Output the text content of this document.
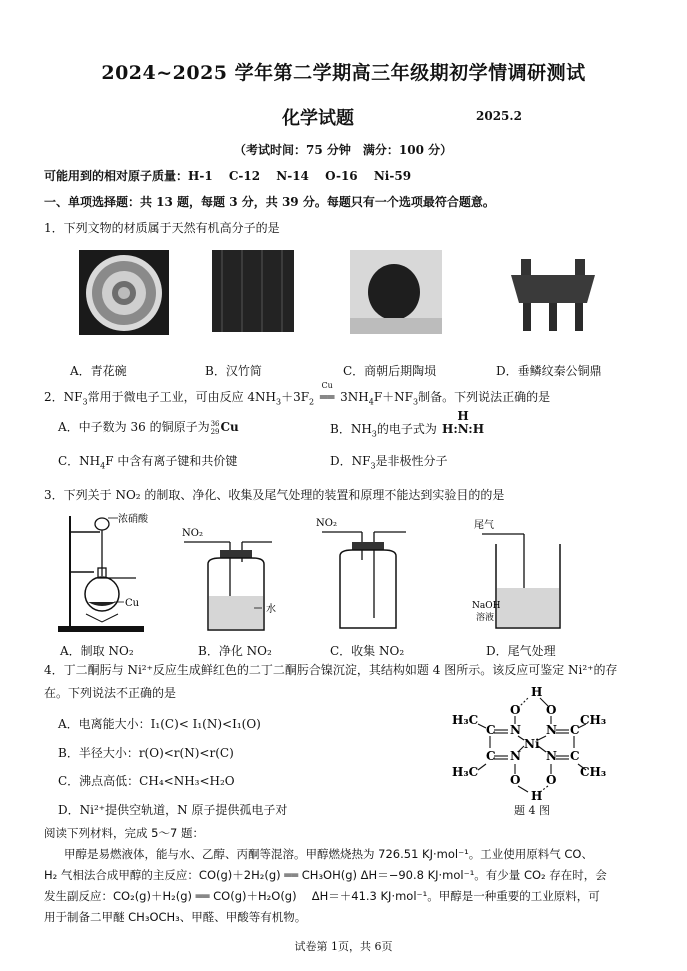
2024~2025 学年第二学期高三年级期初学情调研测试
化学试题	2025.2
（考试时间：75 分钟　满分：100 分）
可能用到的相对原子质量：H-1　 C-12　 N-14　 O-16　 Ni-59
一、单项选择题：共 13 题，每题 3 分，共 39 分。每题只有一个选项最符合题意。
1．下列文物的材质属于天然有机高分子的是
A．青花碗	B．汉竹简	C．商朝后期陶埙	D．垂鳞纹秦公铜鼎
2．$NF_3$常用于微电子工业，可由反应 $4NH_3+3F_2$
Cu
══ $3NH_4F+NF_3$制备。下列说法正确的是
A．中子数为 36 的铜原子为36
29Cu	B．$NH_3$的电子式为
H
H:N:H
C．$NH_4F$ 中含有离子键和共价键	D．$NF_3$是非极性分子
3．下列关于 NO₂ 的制取、净化、收集及尾气处理的装置和原理不能达到实验目的的是
浓硝酸
Cu
NO₂
水
NO₂	尾气
NaOH
溶液
A．制取 NO₂	B．净化 NO₂	C．收集 NO₂	D．尾气处理
4．丁二酮肟与 Ni²⁺反应生成鲜红色的二丁二酮肟合镍沉淀，其结构如题 4 图所示。该反应可鉴定 Ni²⁺的存
在。下列说法不正确的是
A．电离能大小：I₁(C)< I₁(N)<I₁(O)
B．半径大小：r(O)<r(N)<r(C)
C．沸点高低：CH₄<NH₃<H₂O
D．Ni²⁺提供空轨道，N 原子提供孤电子对
H
O O
H₃C	CH₃
C N N C
Ni
C N N C
H₃C	CH₃
O O
H
题 4 图
阅读下列材料，完成 5～7 题：
甲醇是易燃液体，能与水、乙醇、丙酮等混溶。甲醇燃烧热为 726.51 KJ·mol⁻¹。工业使用原料气 CO、
H₂ 气相法合成甲醇的主反应：CO(g)＋2H₂(g) ══ CH₃OH(g) ΔH＝−90.8 KJ·mol⁻¹。有少量 CO₂ 存在时，会
发生副反应：CO₂(g)＋H₂(g) ══ CO(g)＋H₂O(g)　 ΔH＝＋41.3 KJ·mol⁻¹。甲醇是一种重要的工业原料，可
用于制备二甲醚 CH₃OCH₃、甲醛、甲酸等有机物。
试卷第 1页，共 6页
